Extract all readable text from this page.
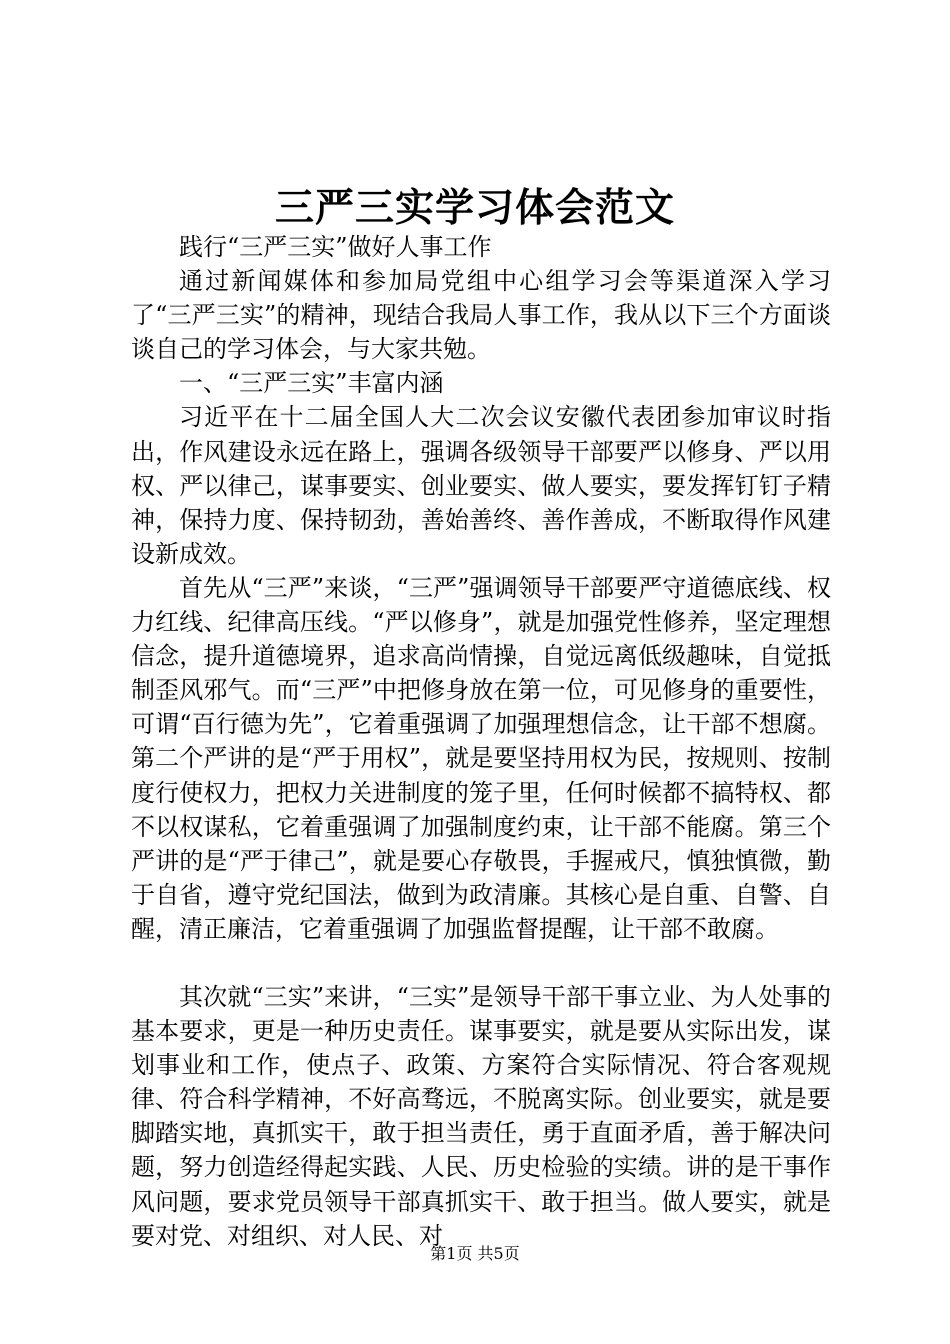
三严三实学习体会范文

践行“三严三实”做好人事工作

通过新闻媒体和参加局党组中心组学习会等渠道深入学习了“三严三实”的精神，现结合我局人事工作，我从以下三个方面谈谈自己的学习体会，与大家共勉。

一、“三严三实”丰富内涵

习近平在十二届全国人大二次会议安徽代表团参加审议时指出，作风建设永远在路上，强调各级领导干部要严以修身、严以用权、严以律己，谋事要实、创业要实、做人要实，要发挥钉钉子精神，保持力度、保持韧劲，善始善终、善作善成，不断取得作风建设新成效。

首先从“三严”来谈，“三严”强调领导干部要严守道德底线、权力红线、纪律高压线。“严以修身”，就是加强党性修养，坚定理想信念，提升道德境界，追求高尚情操，自觉远离低级趣味，自觉抵制歪风邪气。而“三严”中把修身放在第一位，可见修身的重要性，可谓“百行德为先”，它着重强调了加强理想信念，让干部不想腐。第二个严讲的是“严于用权”，就是要坚持用权为民，按规则、按制度行使权力，把权力关进制度的笼子里，任何时候都不搞特权、都不以权谋私，它着重强调了加强制度约束，让干部不能腐。第三个严讲的是“严于律己”，就是要心存敬畏，手握戒尺，慎独慎微，勤于自省，遵守党纪国法，做到为政清廉。其核心是自重、自警、自醒，清正廉洁，它着重强调了加强监督提醒，让干部不敢腐。

其次就“三实”来讲，“三实”是领导干部干事立业、为人处事的基本要求，更是一种历史责任。谋事要实，就是要从实际出发，谋划事业和工作，使点子、政策、方案符合实际情况、符合客观规律、符合科学精神，不好高骛远，不脱离实际。创业要实，就是要脚踏实地，真抓实干，敢于担当责任，勇于直面矛盾，善于解决问题，努力创造经得起实践、人民、历史检验的实绩。讲的是干事作风问题，要求党员领导干部真抓实干、敢于担当。做人要实，就是要对党、对组织、对人民、对

第1页 共5页
